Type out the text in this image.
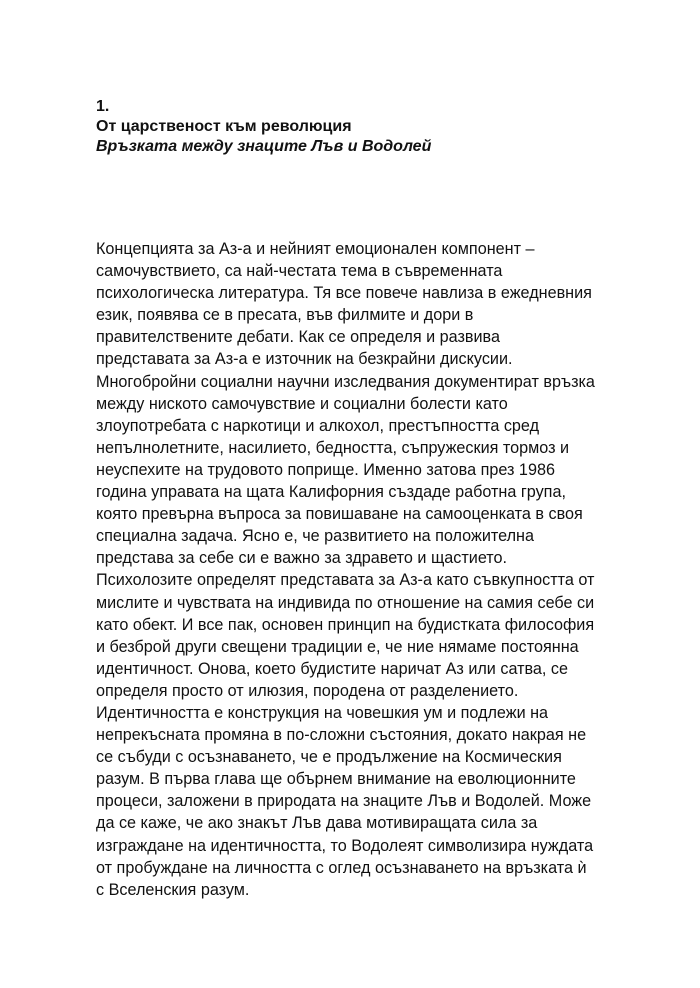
1.
От царственост към революция
Връзката между знаците Лъв и Водолей
Концепцията за Аз-а и нейният емоционален компонент –
самочувствието, са най-честата тема в съвременната
психологическа литература. Тя все повече навлиза в ежедневния
език, появява се в пресата, във филмите и дори в
правителствените дебати. Как се определя и развива
представата за Аз-а е източник на безкрайни дискусии.
Многобройни социални научни изследвания документират връзка
между ниското самочувствие и социални болести като
злоупотребата с наркотици и алкохол, престъпността сред
непълнолетните, насилието, бедността, съпружеския тормоз и
неуспехите на трудовото поприще. Именно затова през 1986
година управата на щата Калифорния създаде работна група,
която превърна въпроса за повишаване на самооценката в своя
специална задача. Ясно е, че развитието на положителна
представа за себе си е важно за здравето и щастието.
Психолозите определят представата за Аз-а като съвкупността от
мислите и чувствата на индивида по отношение на самия себе си
като обект. И все пак, основен принцип на будистката философия
и безброй други свещени традиции е, че ние нямаме постоянна
идентичност. Онова, което будистите наричат Аз или сатва, се
определя просто от илюзия, породена от разделението.
Идентичността е конструкция на човешкия ум и подлежи на
непрекъсната промяна в по-сложни състояния, докато накрая не
се събуди с осъзнаването, че е продължение на Космическия
разум. В първа глава ще обърнем внимание на еволюционните
процеси, заложени в природата на знаците Лъв и Водолей. Може
да се каже, че ако знакът Лъв дава мотивиращата сила за
изграждане на идентичността, то Водолеят символизира нуждата
от пробуждане на личността с оглед осъзнаването на връзката ѝ
с Вселенския разум.
